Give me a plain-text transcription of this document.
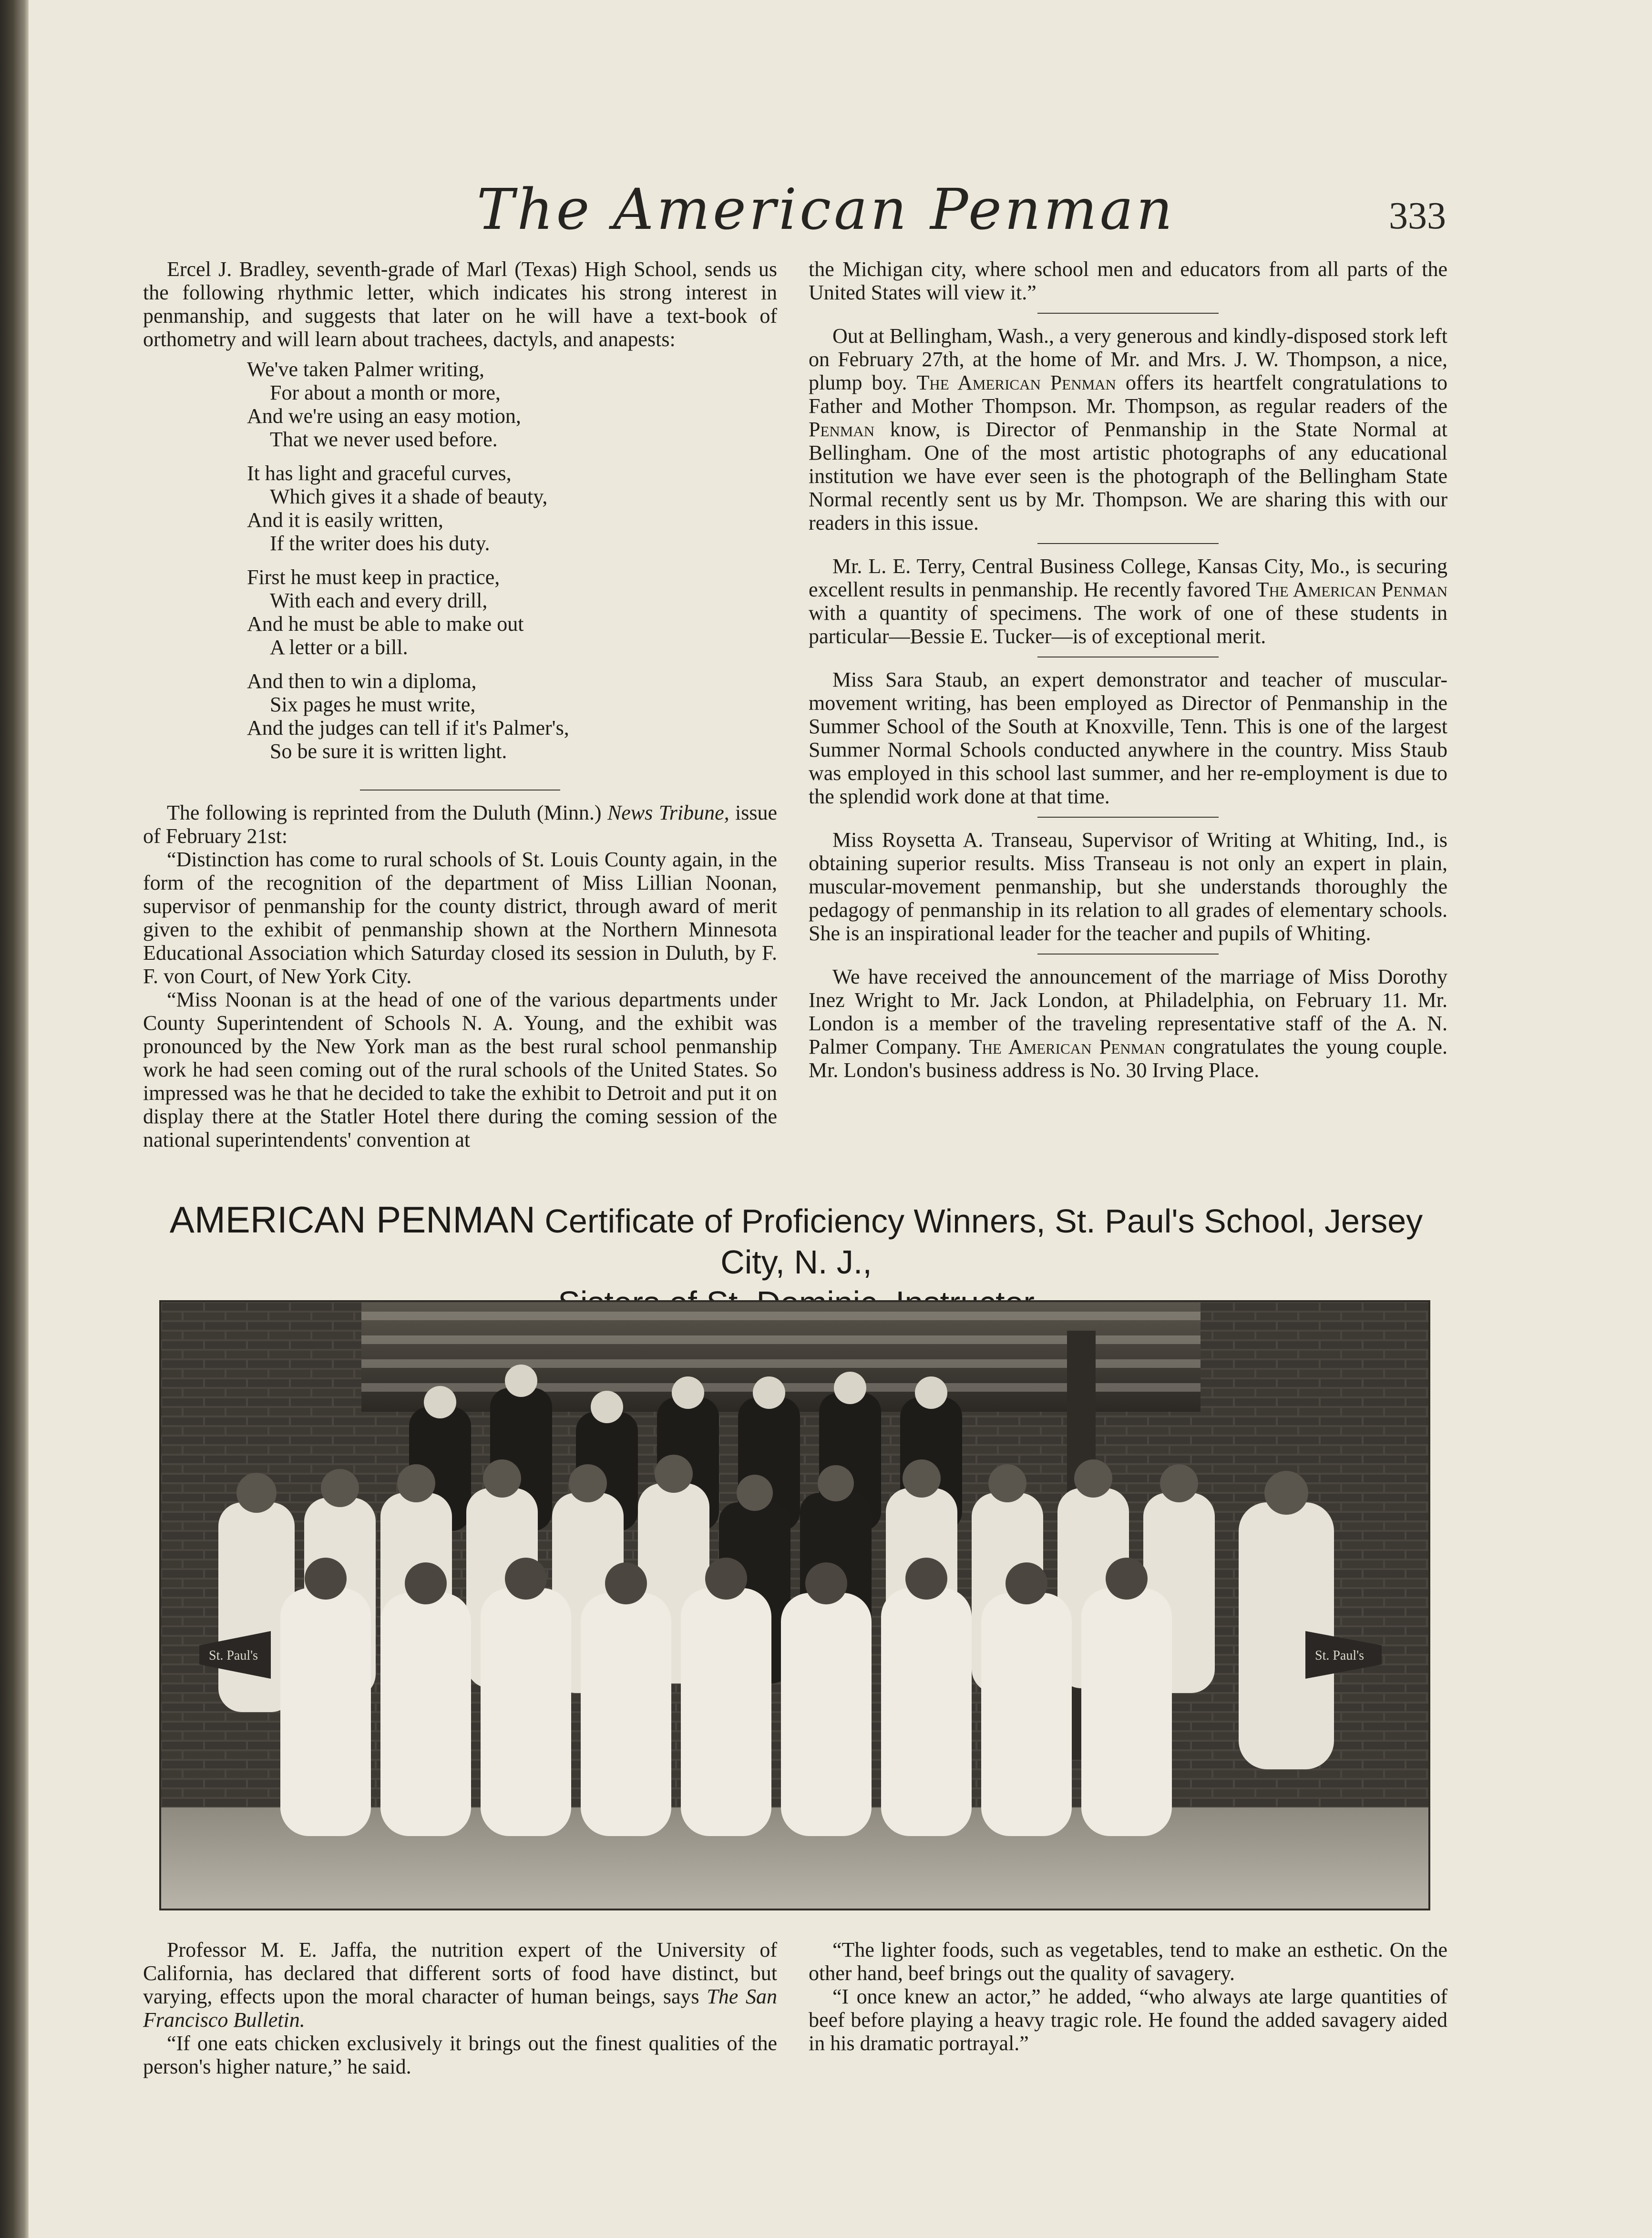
The American Penman	333

Ercel J. Bradley, seventh-grade of Marl (Texas) High School, sends us the following rhythmic letter, which indicates his strong interest in penmanship, and suggests that later on he will have a text-book of orthometry and will learn about trachees, dactyls, and anapests:

We've taken Palmer writing,
For about a month or more,
And we're using an easy motion,
That we never used before.
It has light and graceful curves,
Which gives it a shade of beauty,
And it is easily written,
If the writer does his duty.
First he must keep in practice,
With each and every drill,
And he must be able to make out
A letter or a bill.
And then to win a diploma,
Six pages he must write,
And the judges can tell if it's Palmer's,
So be sure it is written light.

The following is reprinted from the Duluth (Minn.) News Tribune, issue of February 21st:

“Distinction has come to rural schools of St. Louis County again, in the form of the recognition of the department of Miss Lillian Noonan, supervisor of penmanship for the county district, through award of merit given to the exhibit of penmanship shown at the Northern Minnesota Educational Association which Saturday closed its session in Duluth, by F. F. von Court, of New York City.

“Miss Noonan is at the head of one of the various departments under County Superintendent of Schools N. A. Young, and the exhibit was pronounced by the New York man as the best rural school penmanship work he had seen coming out of the rural schools of the United States. So impressed was he that he decided to take the exhibit to Detroit and put it on display there at the Statler Hotel there during the coming session of the national superintendents' convention at

the Michigan city, where school men and educators from all parts of the United States will view it.”

Out at Bellingham, Wash., a very generous and kindly-disposed stork left on February 27th, at the home of Mr. and Mrs. J. W. Thompson, a nice, plump boy. The American Penman offers its heartfelt congratulations to Father and Mother Thompson. Mr. Thompson, as regular readers of the Penman know, is Director of Penmanship in the State Normal at Bellingham. One of the most artistic photographs of any educational institution we have ever seen is the photograph of the Bellingham State Normal recently sent us by Mr. Thompson. We are sharing this with our readers in this issue.

Mr. L. E. Terry, Central Business College, Kansas City, Mo., is securing excellent results in penmanship. He recently favored The American Penman with a quantity of specimens. The work of one of these students in particular—Bessie E. Tucker—is of exceptional merit.

Miss Sara Staub, an expert demonstrator and teacher of muscular-movement writing, has been employed as Director of Penmanship in the Summer School of the South at Knoxville, Tenn. This is one of the largest Summer Normal Schools conducted anywhere in the country. Miss Staub was employed in this school last summer, and her re-employment is due to the splendid work done at that time.

Miss Roysetta A. Transeau, Supervisor of Writing at Whiting, Ind., is obtaining superior results. Miss Transeau is not only an expert in plain, muscular-movement penmanship, but she understands thoroughly the pedagogy of penmanship in its relation to all grades of elementary schools. She is an inspirational leader for the teacher and pupils of Whiting.

We have received the announcement of the marriage of Miss Dorothy Inez Wright to Mr. Jack London, at Philadelphia, on February 11. Mr. London is a member of the traveling representative staff of the A. N. Palmer Company. The American Penman congratulates the young couple. Mr. London's business address is No. 30 Irving Place.

AMERICAN PENMAN Certificate of Proficiency Winners, St. Paul's School, Jersey City, N. J.,
St. Paul's	St. Paul's

Professor M. E. Jaffa, the nutrition expert of the University of California, has declared that different sorts of food have distinct, but varying, effects upon the moral character of human beings, says The San Francisco Bulletin.

“If one eats chicken exclusively it brings out the finest qualities of the person's higher nature,” he said.

“The lighter foods, such as vegetables, tend to make an esthetic. On the other hand, beef brings out the quality of savagery.

“I once knew an actor,” he added, “who always ate large quantities of beef before playing a heavy tragic role. He found the added savagery aided in his dramatic portrayal.”
